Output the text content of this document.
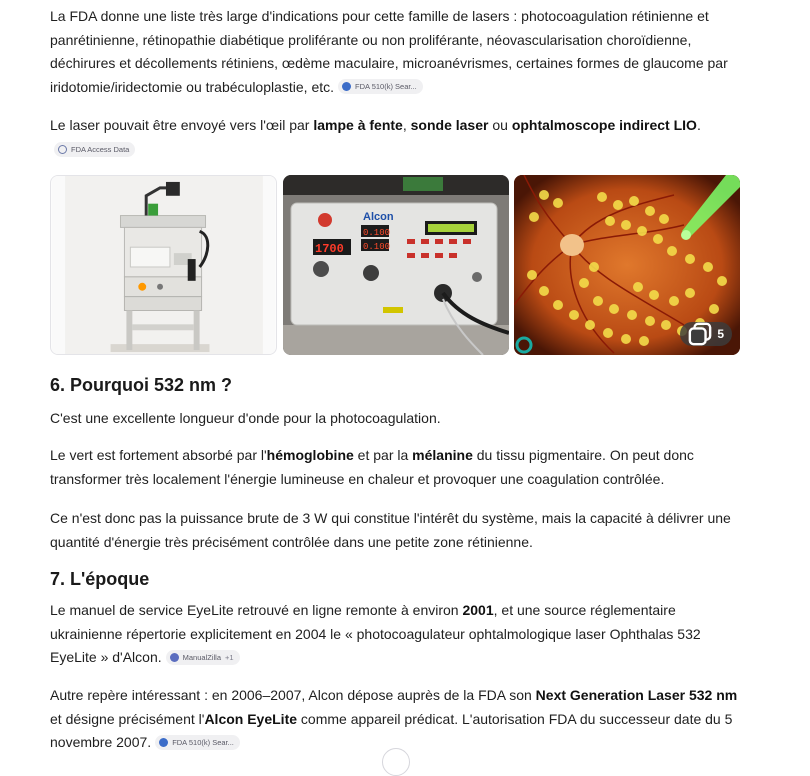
La FDA donne une liste très large d'indications pour cette famille de lasers : photocoagulation rétinienne et panrétinienne, rétinopathie diabétique proliférante ou non proliférante, néovascularisation choroïdienne, déchirures et décollements rétiniens, œdème maculaire, microanévrismes, certaines formes de glaucome par iridotomie/iridectomie ou trabéculoplastie, etc.	FDA 510(k) Sear...

Le laser pouvait être envoyé vers l'œil par lampe à fente, sonde laser ou ophtalmoscope indirect LIO.

FDA Access Data
Alcon
0.100
0.100
1700
5
6. Pourquoi 532 nm ?

C'est une excellente longueur d'onde pour la photocoagulation.

Le vert est fortement absorbé par l'hémoglobine et par la mélanine du tissu pigmentaire. On peut donc transformer très localement l'énergie lumineuse en chaleur et provoquer une coagulation contrôlée.

Ce n'est donc pas la puissance brute de 3 W qui constitue l'intérêt du système, mais la capacité à délivrer une quantité d'énergie très précisément contrôlée dans une petite zone rétinienne.

7. L'époque

Le manuel de service EyeLite retrouvé en ligne remonte à environ 2001, et une source réglementaire ukrainienne répertorie explicitement en 2004 le « photocoagulateur ophtalmologique laser Ophthalas 532 EyeLite » d'Alcon.	ManualZilla +1

Autre repère intéressant : en 2006–2007, Alcon dépose auprès de la FDA son Next Generation Laser 532 nm et désigne précisément l'Alcon EyeLite comme appareil prédicat. L'autorisation FDA du successeur date du 5 novembre 2007.	FDA 510(k) Sear...
